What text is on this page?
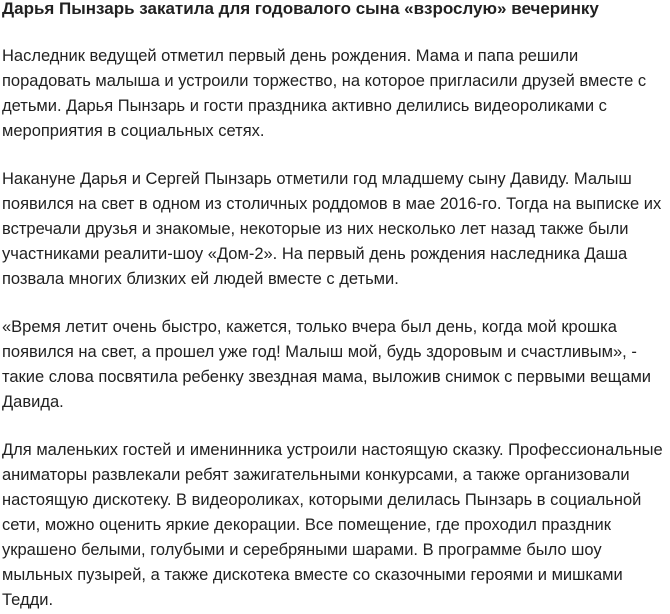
Дарья Пынзарь закатила для годовалого сына «взрослую» вечеринку

Наследник ведущей отметил первый день рождения. Мама и папа решили порадовать малыша и устроили торжество, на которое пригласили друзей вместе с детьми. Дарья Пынзарь и гости праздника активно делились видеороликами с мероприятия в социальных сетях.

Накануне Дарья и Сергей Пынзарь отметили год младшему сыну Давиду. Малыш появился на свет в одном из столичных роддомов в мае 2016-го. Тогда на выписке их встречали друзья и знакомые, некоторые из них несколько лет назад также были участниками реалити-шоу «Дом-2». На первый день рождения наследника Даша позвала многих близких ей людей вместе с детьми.

«Время летит очень быстро, кажется, только вчера был день, когда мой крошка появился на свет, а прошел уже год! Малыш мой, будь здоровым и счастливым», - такие слова посвятила ребенку звездная мама, выложив снимок с первыми вещами Давида.

Для маленьких гостей и именинника устроили настоящую сказку. Профессиональные аниматоры развлекали ребят зажигательными конкурсами, а также организовали настоящую дискотеку. В видеороликах, которыми делилась Пынзарь в социальной сети, можно оценить яркие декорации. Все помещение, где проходил праздник украшено белыми, голубыми и серебряными шарами. В программе было шоу мыльных пузырей, а также дискотека вместе со сказочными героями и мишками Тедди.
